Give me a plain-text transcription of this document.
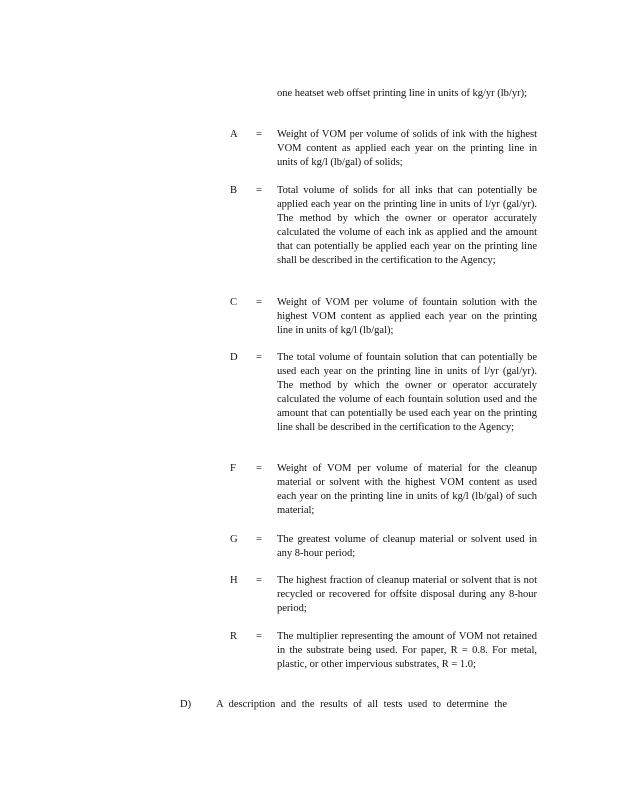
one heatset web offset printing line in units of kg/yr (lb/yr);
A = Weight of VOM per volume of solids of ink with the highest VOM content as applied each year on the printing line in units of kg/l (lb/gal) of solids;
B = Total volume of solids for all inks that can potentially be applied each year on the printing line in units of l/yr (gal/yr). The method by which the owner or operator accurately calculated the volume of each ink as applied and the amount that can potentially be applied each year on the printing line shall be described in the certification to the Agency;
C = Weight of VOM per volume of fountain solution with the highest VOM content as applied each year on the printing line in units of kg/l (lb/gal);
D = The total volume of fountain solution that can potentially be used each year on the printing line in units of l/yr (gal/yr). The method by which the owner or operator accurately calculated the volume of each fountain solution used and the amount that can potentially be used each year on the printing line shall be described in the certification to the Agency;
F = Weight of VOM per volume of material for the cleanup material or solvent with the highest VOM content as used each year on the printing line in units of kg/l (lb/gal) of such material;
G = The greatest volume of cleanup material or solvent used in any 8-hour period;
H = The highest fraction of cleanup material or solvent that is not recycled or recovered for offsite disposal during any 8-hour period;
R = The multiplier representing the amount of VOM not retained in the substrate being used. For paper, R = 0.8. For metal, plastic, or other impervious substrates, R = 1.0;
D) A description and the results of all tests used to determine the
